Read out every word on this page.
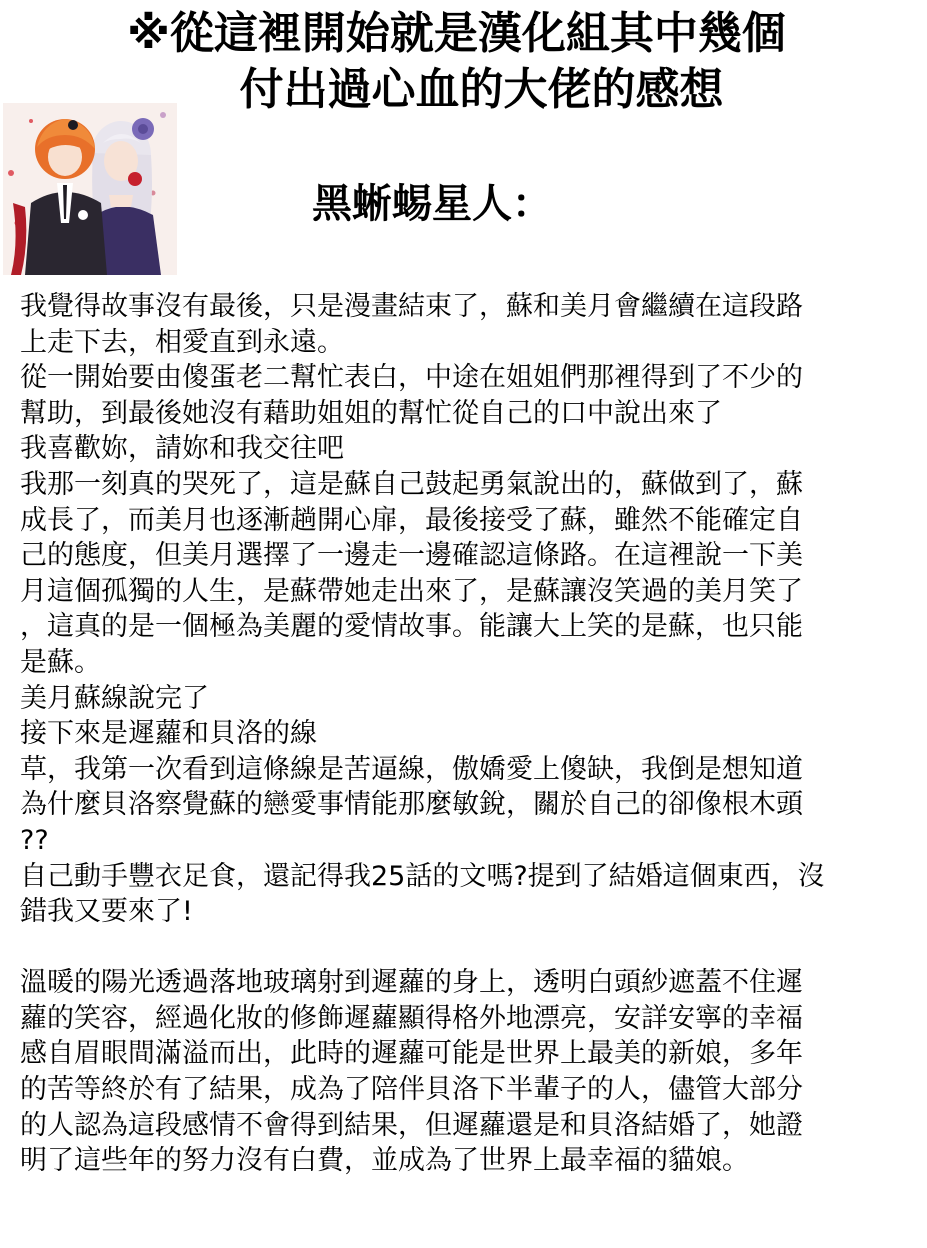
※從這裡開始就是漢化組其中幾個
付出過心血的大佬的感想
黑蜥蜴星人：
我覺得故事沒有最後，只是漫畫結束了，蘇和美月會繼續在這段路
上走下去，相愛直到永遠。
從一開始要由傻蛋老二幫忙表白，中途在姐姐們那裡得到了不少的
幫助，到最後她沒有藉助姐姐的幫忙從自己的口中說出來了
我喜歡妳，請妳和我交往吧
我那一刻真的哭死了，這是蘇自己鼓起勇氣說出的，蘇做到了，蘇
成長了，而美月也逐漸趟開心扉，最後接受了蘇，雖然不能確定自
己的態度，但美月選擇了一邊走一邊確認這條路。在這裡說一下美
月這個孤獨的人生，是蘇帶她走出來了，是蘇讓沒笑過的美月笑了
，這真的是一個極為美麗的愛情故事。能讓大上笑的是蘇，也只能
是蘇。
美月蘇線說完了
接下來是遲蘿和貝洛的線
草，我第一次看到這條線是苦逼線，傲嬌愛上傻缺，我倒是想知道
為什麼貝洛察覺蘇的戀愛事情能那麼敏銳，關於自己的卻像根木頭
??
自己動手豐衣足食，還記得我25話的文嗎?提到了結婚這個東西，沒
錯我又要來了!
溫暖的陽光透過落地玻璃射到遲蘿的身上，透明白頭紗遮蓋不住遲
蘿的笑容，經過化妝的修飾遲蘿顯得格外地漂亮，安詳安寧的幸福
感自眉眼間滿溢而出，此時的遲蘿可能是世界上最美的新娘，多年
的苦等終於有了結果，成為了陪伴貝洛下半輩子的人，儘管大部分
的人認為這段感情不會得到結果，但遲蘿還是和貝洛結婚了，她證
明了這些年的努力沒有白費，並成為了世界上最幸福的貓娘。
